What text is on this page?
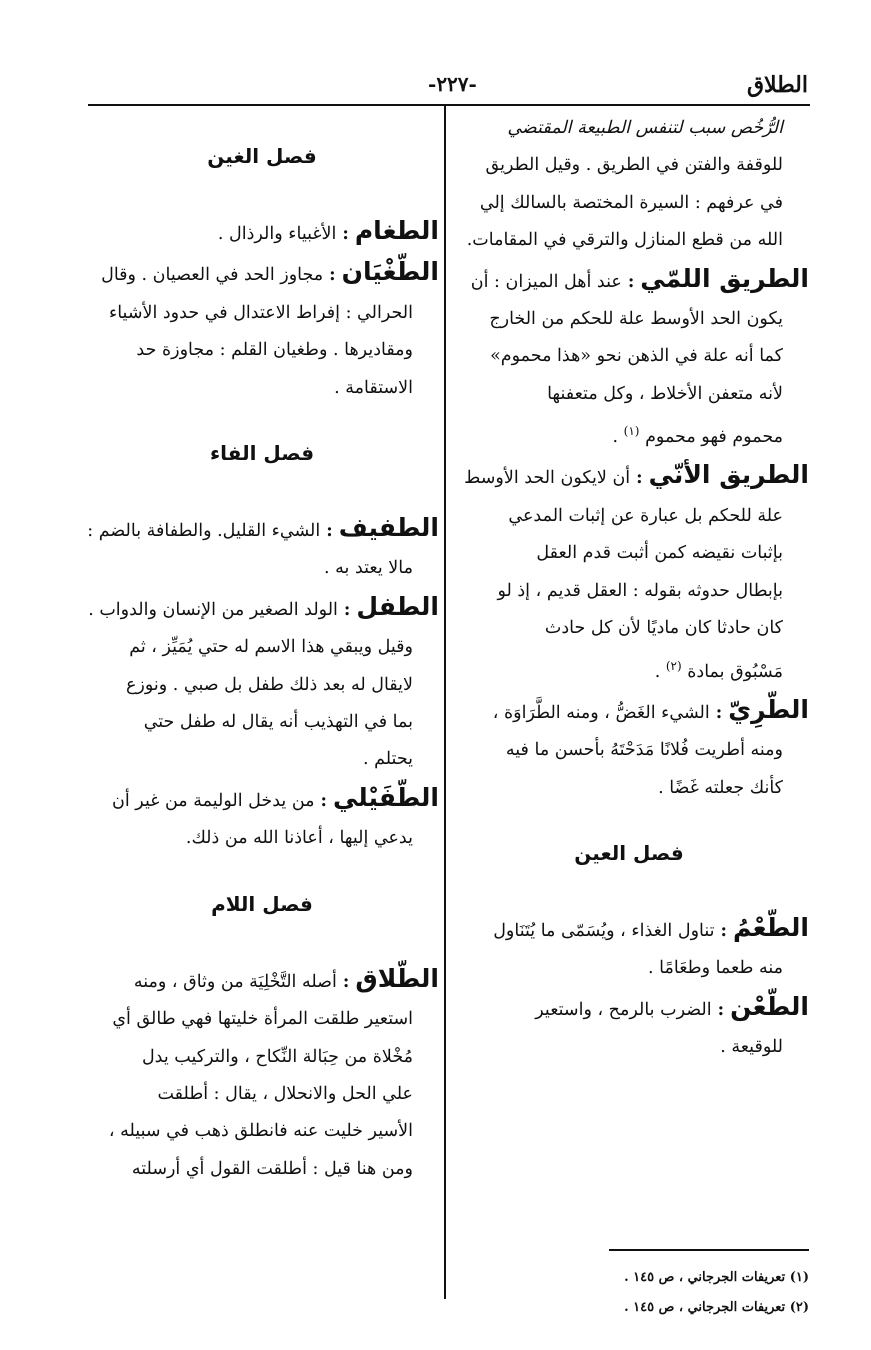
الطلاق
-٢٢٧-
الرُّخُص سبب لتنفس الطبيعة المقتضي
للوقفة والفتن في الطريق . وقيل الطريق
في عرفهم : السيرة المختصة بالسالك إلي
الله من قطع المنازل والترقي في المقامات.
الطريق اللمّي:عند أهل الميزان : أن
يكون الحد الأوسط علة للحكم من الخارج
كما أنه علة في الذهن نحو «هذا محموم»
لأنه متعفن الأخلاط ، وكل متعفنها
محموم فهو محموم (١) .
الطريق الأنّي:أن لايكون الحد الأوسط
علة للحكم بل عبارة عن إثبات المدعي
بإثبات نقيضه كمن أثبت قدم العقل
بإبطال حدوثه بقوله : العقل قديم ، إذ لو
كان حادثا كان ماديًا لأن كل حادث
مَسْبُوق بمادة (٢) .
الطَّرِيّ:الشيء الغَضُّ ، ومنه الطَّرَاوَة ،
ومنه أطريت فُلانًا مَدَحْتَهُ بأحسن ما فيه
كأنك جعلته غَضًا .
فصل العين
الطَّعْمُ:تناول الغذاء ، ويُسَمّى ما يُتَنَاول
منه طعما وطعَامًا .
الطَّعْن:الضرب بالرمح ، واستعير
للوقيعة .
(١) تعريفات الجرجاني ، ص ١٤٥ .
(٢) تعريفات الجرجاني ، ص ١٤٥ .
فصل الغين
الطغام:الأغبياء والرذال .
الطُّغْيَان:مجاوز الحد في العصيان . وقال
الحرالي : إفراط الاعتدال في حدود الأشياء
ومقاديرها . وطغيان القلم : مجاوزة حد
الاستقامة .
فصل الفاء
الطفيف:الشيء القليل. والطفافة بالضم :
مالا يعتد به .
الطفل:الولد الصغير من الإنسان والدواب .
وقيل ويبقي هذا الاسم له حتي يُمَيِّز ، ثم
لايقال له بعد ذلك طفل بل صبي . ونوزع
بما في التهذيب أنه يقال له طفل حتي
يحتلم .
الطُّفَيْلي:من يدخل الوليمة من غير أن
يدعي إليها ، أعاذنا الله من ذلك.
فصل اللام
الطَّلاق:أصله التَّخْلِيَة من وثاق ، ومنه
استعير طلقت المرأة خليتها فهي طالق أي
مُخْلاة من حِبَالة النِّكاح ، والتركيب يدل
علي الحل والانحلال ، يقال : أطلقت
الأسير خليت عنه فانطلق ذهب في سبيله ،
ومن هنا قيل : أطلقت القول أي أرسلته
